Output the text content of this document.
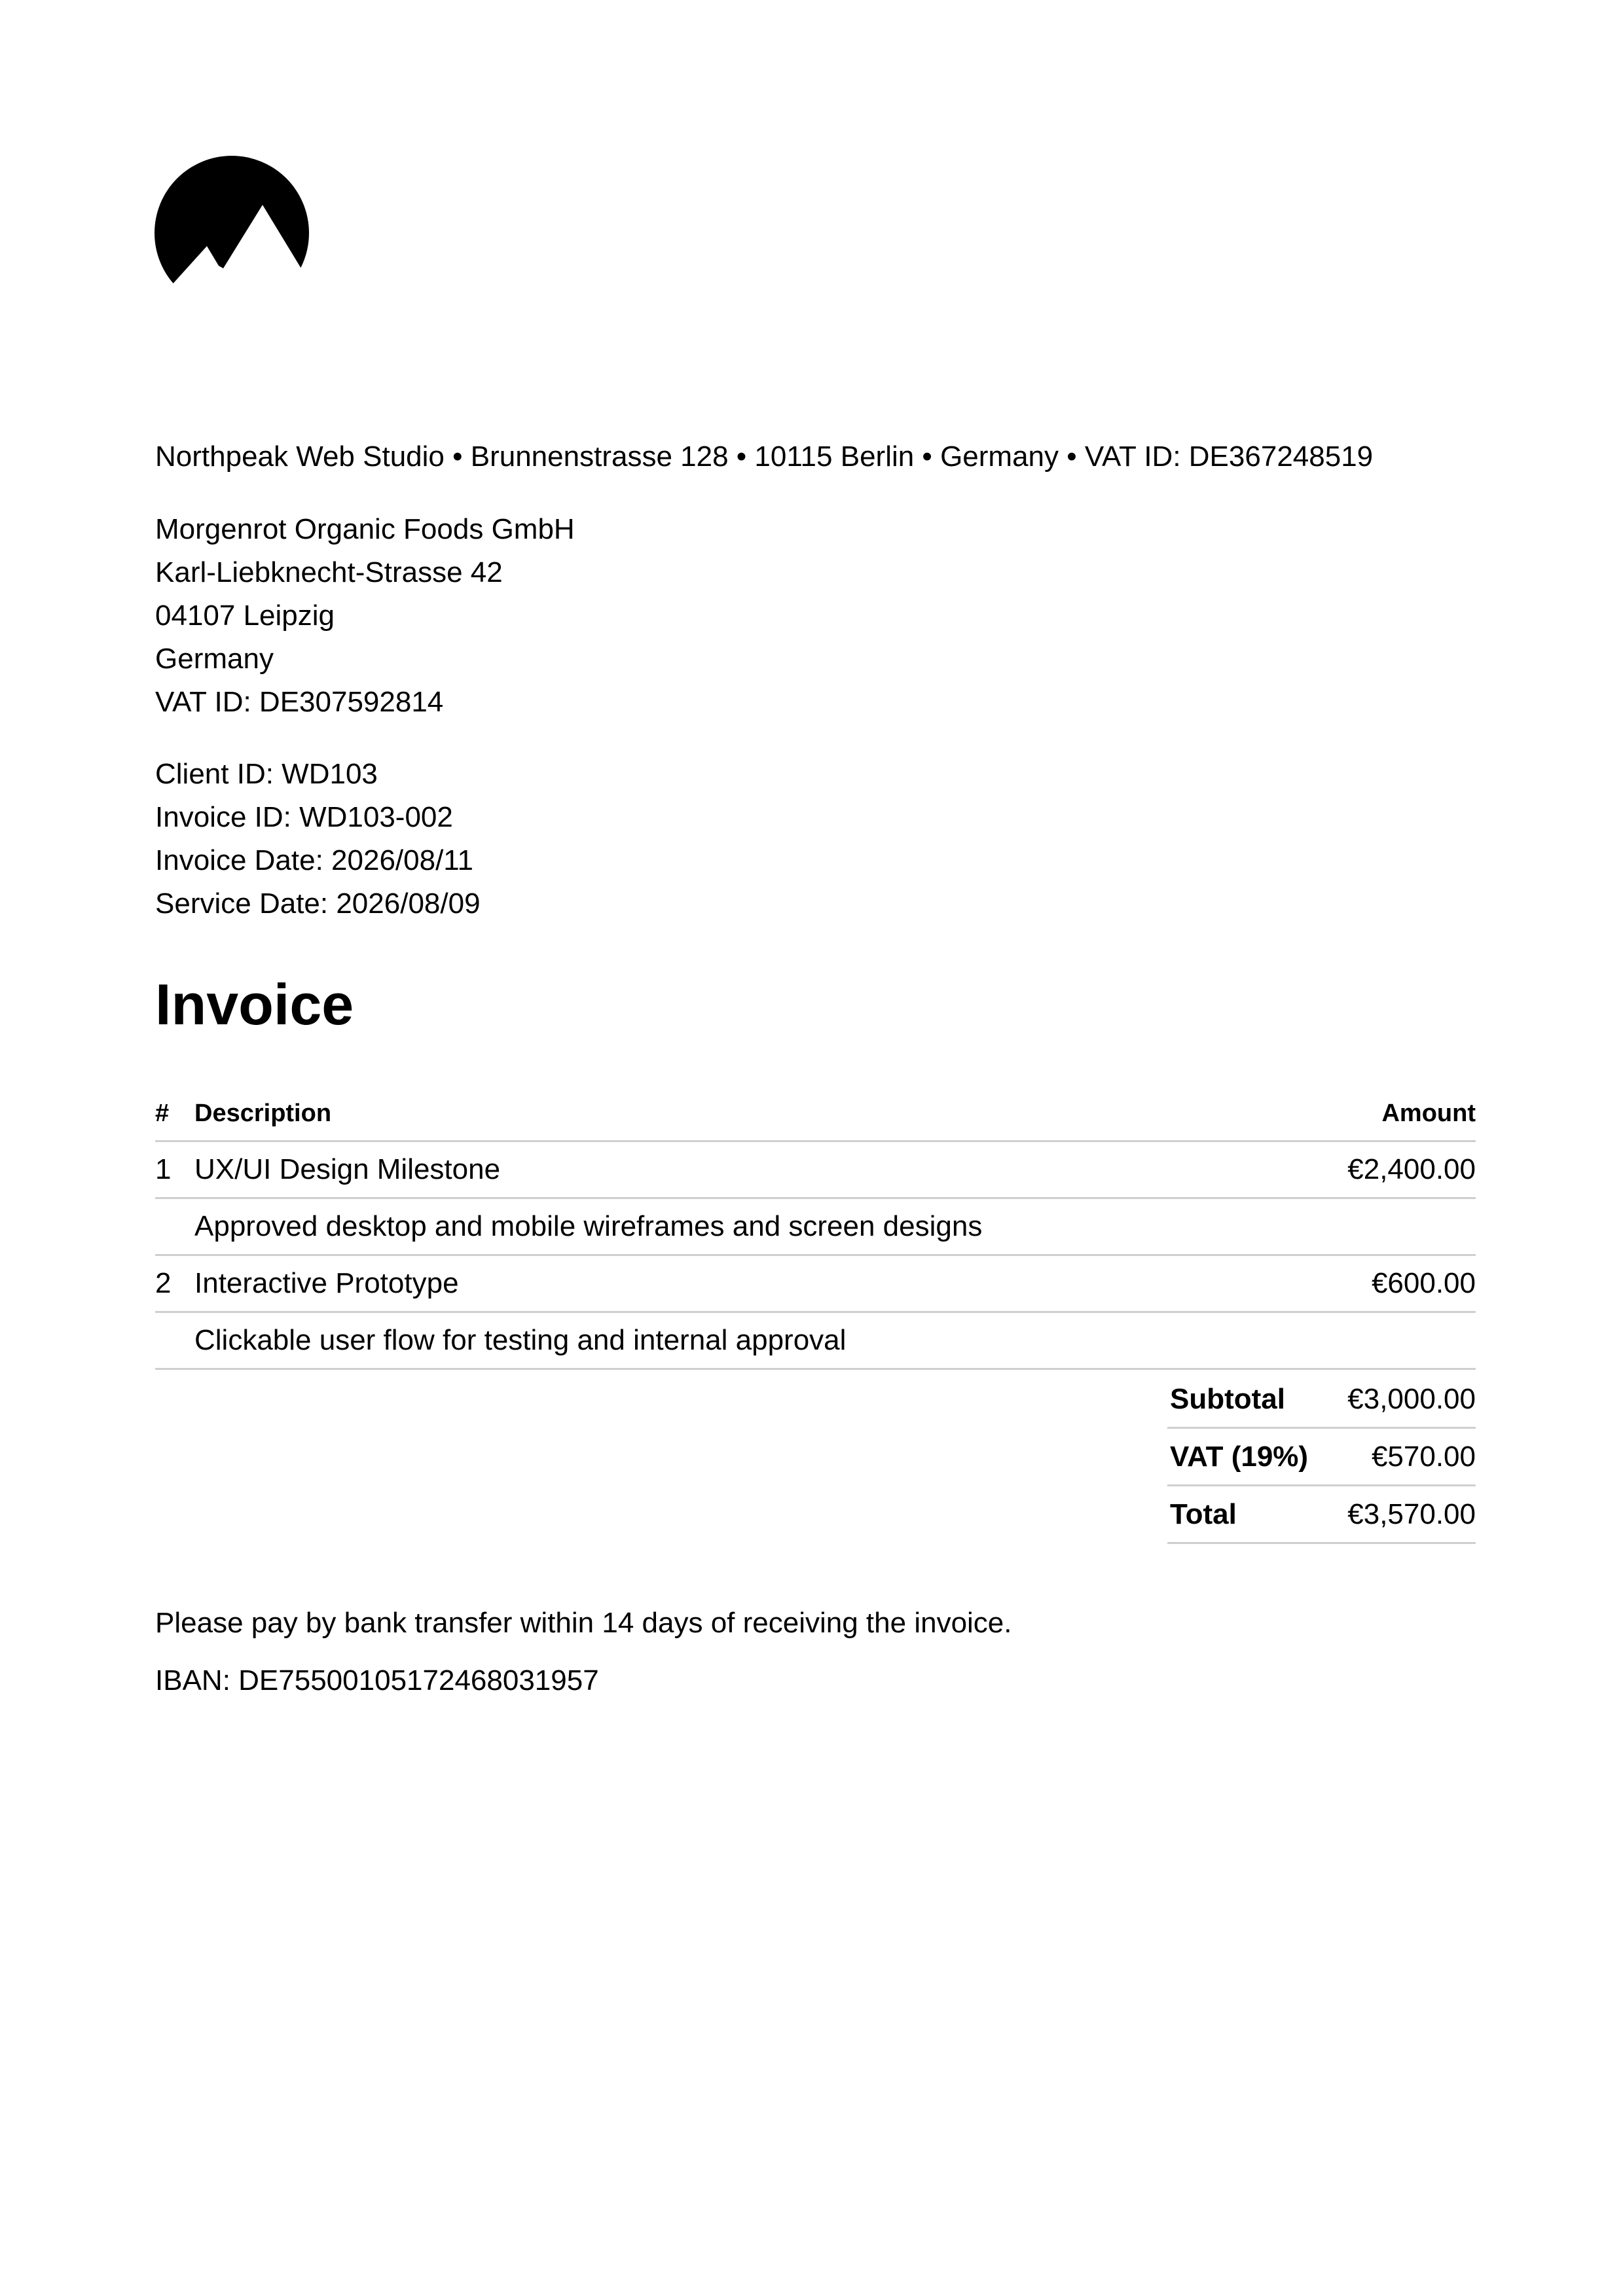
Northpeak Web Studio • Brunnenstrasse 128 • 10115 Berlin • Germany • VAT ID: DE367248519
Morgenrot Organic Foods GmbH
Karl-Liebknecht-Strasse 42
04107 Leipzig
Germany
VAT ID: DE307592814
Client ID: WD103
Invoice ID: WD103-002
Invoice Date: 2026/08/11
Service Date: 2026/08/09
Invoice
#	Description	Amount
1	UX/UI Design Milestone	€2,400.00
	Approved desktop and mobile wireframes and screen designs	
2	Interactive Prototype	€600.00
	Clickable user flow for testing and internal approval	
Subtotal	€3,000.00
VAT (19%)	€570.00
Total	€3,570.00
Please pay by bank transfer within 14 days of receiving the invoice.
IBAN: DE75500105172468031957
